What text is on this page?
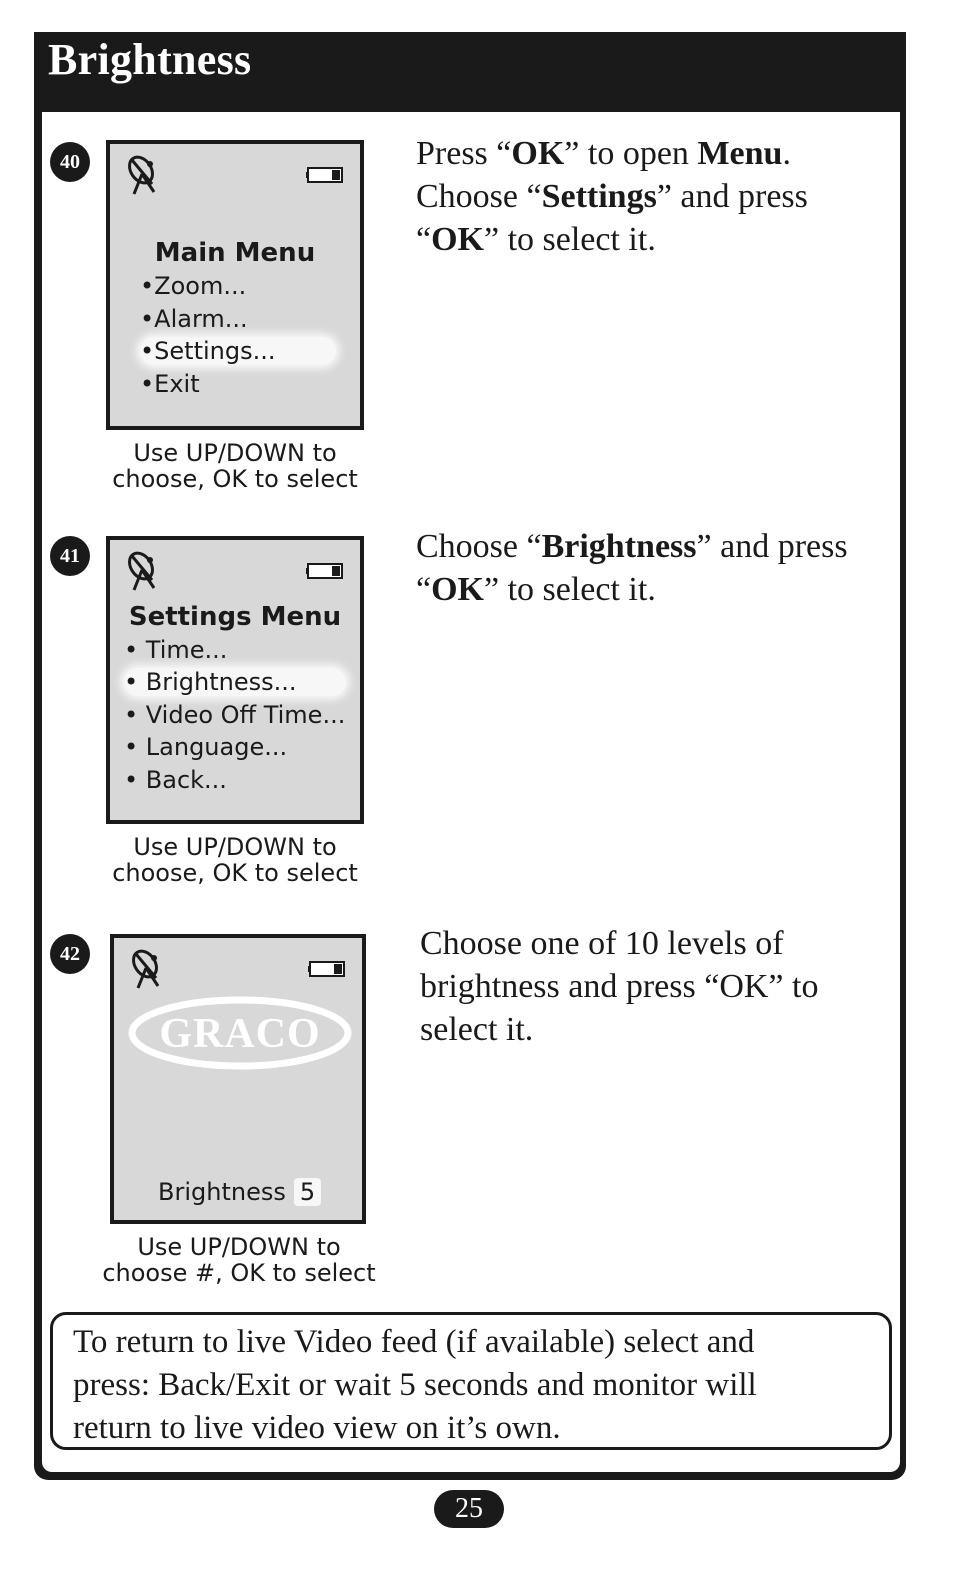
Brightness
40
Main Menu
•Zoom...
•Alarm...
•Settings...
•Exit
Use UP/DOWN to
choose, OK to select
Press “OK” to open Menu.
Choose “Settings” and press
“OK” to select it.
41
Settings Menu
• Time...
• Brightness...
• Video Off Time...
• Language...
• Back...
Use UP/DOWN to
choose, OK to select
Choose “Brightness” and press
“OK” to select it.
42
GRACO
Brightness 5
Use UP/DOWN to
choose #, OK to select
Choose one of 10 levels of
brightness and press “OK” to
select it.
To return to live Video feed (if available) select and
press: Back/Exit or wait 5 seconds and monitor will
return to live video view on it’s own.
25
